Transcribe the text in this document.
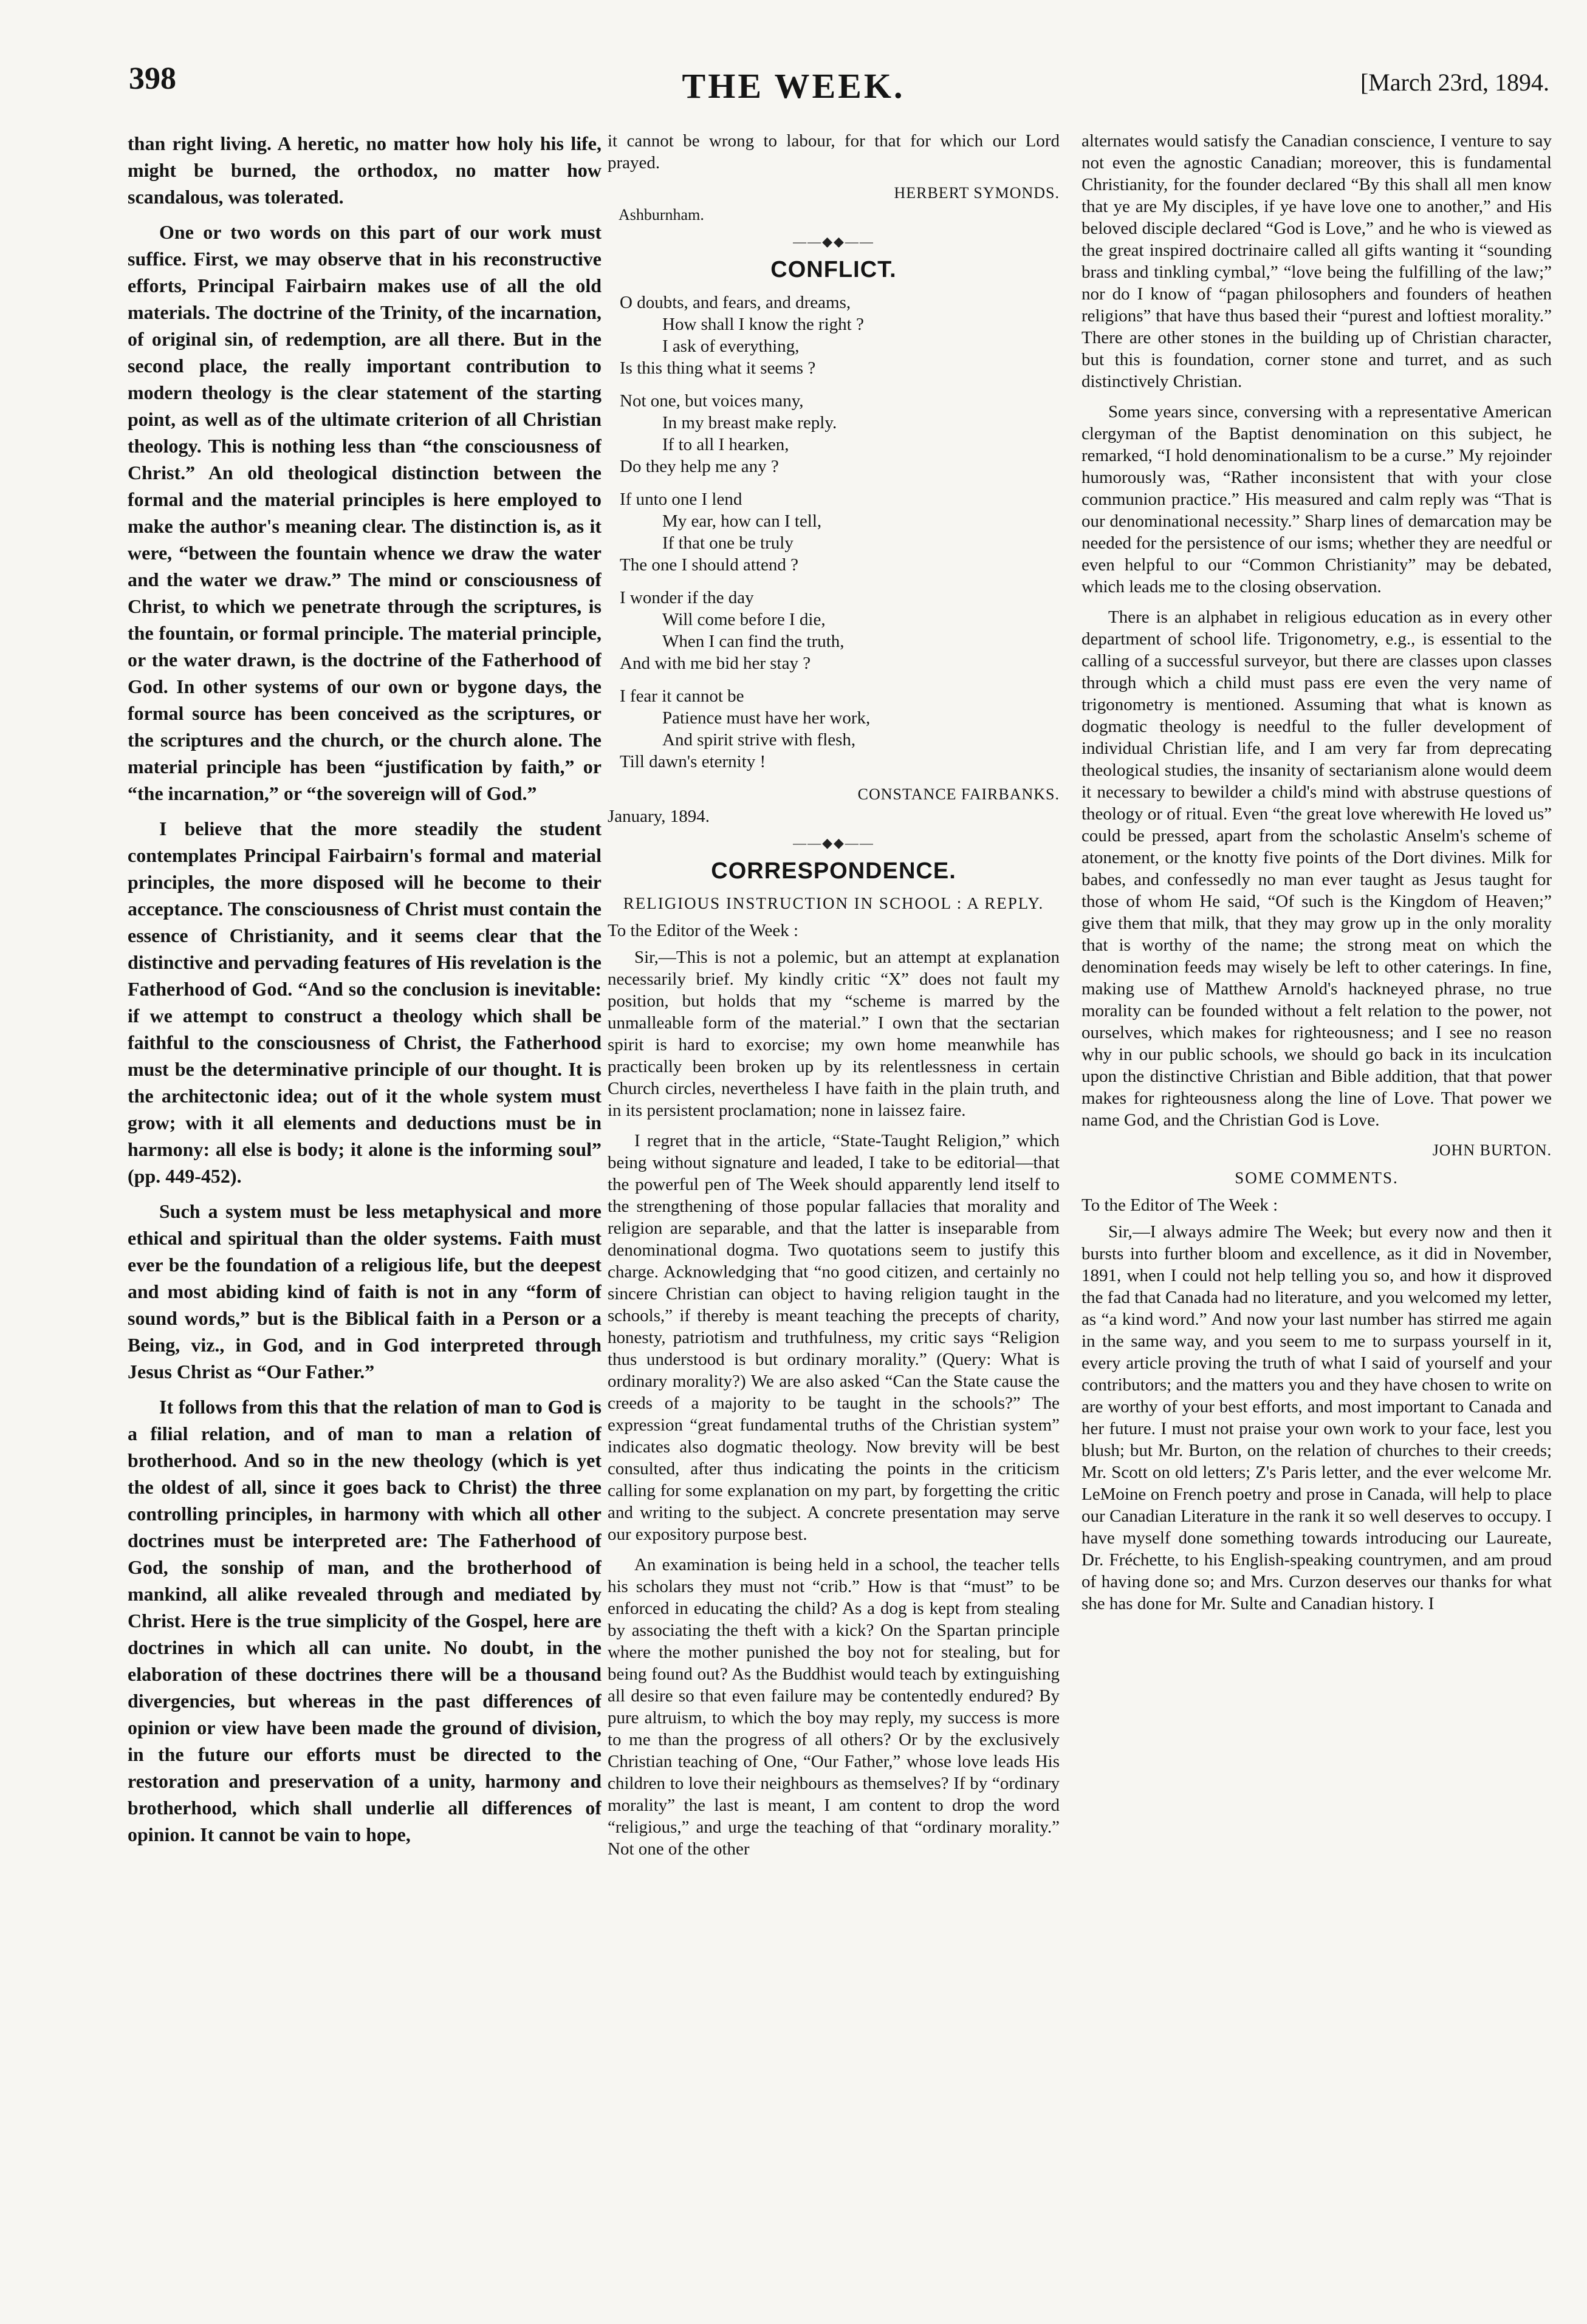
398	THE WEEK.	[March 23rd, 1894.

than right living. A heretic, no matter how holy his life, might be burned, the orthodox, no matter how scandalous, was tolerated.

One or two words on this part of our work must suffice. First, we may observe that in his reconstructive efforts, Principal Fairbairn makes use of all the old materials. The doctrine of the Trinity, of the incarnation, of original sin, of redemption, are all there. But in the second place, the really important contribution to modern theology is the clear statement of the starting point, as well as of the ultimate criterion of all Christian theology. This is nothing less than “the consciousness of Christ.” An old theological distinction between the formal and the material principles is here employed to make the author's meaning clear. The distinction is, as it were, “between the fountain whence we draw the water and the water we draw.” The mind or consciousness of Christ, to which we penetrate through the scriptures, is the fountain, or formal principle. The material principle, or the water drawn, is the doctrine of the Fatherhood of God. In other systems of our own or bygone days, the formal source has been conceived as the scriptures, or the scriptures and the church, or the church alone. The material principle has been “justification by faith,” or “the incarnation,” or “the sovereign will of God.”

I believe that the more steadily the student contemplates Principal Fairbairn's formal and material principles, the more disposed will he become to their acceptance. The consciousness of Christ must contain the essence of Christianity, and it seems clear that the distinctive and pervading features of His revelation is the Fatherhood of God. “And so the conclusion is inevitable: if we attempt to construct a theology which shall be faithful to the consciousness of Christ, the Fatherhood must be the determinative principle of our thought. It is the architectonic idea; out of it the whole system must grow; with it all elements and deductions must be in harmony: all else is body; it alone is the informing soul” (pp. 449-452).

Such a system must be less metaphysical and more ethical and spiritual than the older systems. Faith must ever be the foundation of a religious life, but the deepest and most abiding kind of faith is not in any “form of sound words,” but is the Biblical faith in a Person or a Being, viz., in God, and in God interpreted through Jesus Christ as “Our Father.”

It follows from this that the relation of man to God is a filial relation, and of man to man a relation of brotherhood. And so in the new theology (which is yet the oldest of all, since it goes back to Christ) the three controlling principles, in harmony with which all other doctrines must be interpreted are: The Fatherhood of God, the sonship of man, and the brotherhood of mankind, all alike revealed through and mediated by Christ. Here is the true simplicity of the Gospel, here are doctrines in which all can unite. No doubt, in the elaboration of these doctrines there will be a thousand divergencies, but whereas in the past differences of opinion or view have been made the ground of division, in the future our efforts must be directed to the restoration and preservation of a unity, harmony and brotherhood, which shall underlie all differences of opinion. It cannot be vain to hope,

it cannot be wrong to labour, for that for which our Lord prayed.

HERBERT SYMONDS.

Ashburnham.

——◆◆——
CONFLICT.
O doubts, and fears, and dreams,
How shall I know the right ?
I ask of everything,
Is this thing what it seems ?
Not one, but voices many,
In my breast make reply.
If to all I hearken,
Do they help me any ?
If unto one I lend
My ear, how can I tell,
If that one be truly
The one I should attend ?
I wonder if the day
Will come before I die,
When I can find the truth,
And with me bid her stay ?
I fear it cannot be
Patience must have her work,
And spirit strive with flesh,
Till dawn's eternity !

CONSTANCE FAIRBANKS.

January, 1894.

——◆◆——
CORRESPONDENCE.
RELIGIOUS INSTRUCTION IN SCHOOL : A REPLY.

To the Editor of the Week :

Sir,—This is not a polemic, but an attempt at explanation necessarily brief. My kindly critic “X” does not fault my position, but holds that my “scheme is marred by the unmalleable form of the material.” I own that the sectarian spirit is hard to exorcise; my own home meanwhile has practically been broken up by its relentlessness in certain Church circles, nevertheless I have faith in the plain truth, and in its persistent proclamation; none in laissez faire.

I regret that in the article, “State-Taught Religion,” which being without signature and leaded, I take to be editorial—that the powerful pen of The Week should apparently lend itself to the strengthening of those popular fallacies that morality and religion are separable, and that the latter is inseparable from denominational dogma. Two quotations seem to justify this charge. Acknowledging that “no good citizen, and certainly no sincere Christian can object to having religion taught in the schools,” if thereby is meant teaching the precepts of charity, honesty, patriotism and truthfulness, my critic says “Religion thus understood is but ordinary morality.” (Query: What is ordinary morality?) We are also asked “Can the State cause the creeds of a majority to be taught in the schools?” The expression “great fundamental truths of the Christian system” indicates also dogmatic theology. Now brevity will be best consulted, after thus indicating the points in the criticism calling for some explanation on my part, by forgetting the critic and writing to the subject. A concrete presentation may serve our expository purpose best.

An examination is being held in a school, the teacher tells his scholars they must not “crib.” How is that “must” to be enforced in educating the child? As a dog is kept from stealing by associating the theft with a kick? On the Spartan principle where the mother punished the boy not for stealing, but for being found out? As the Buddhist would teach by extinguishing all desire so that even failure may be contentedly endured? By pure altruism, to which the boy may reply, my success is more to me than the progress of all others? Or by the exclusively Christian teaching of One, “Our Father,” whose love leads His children to love their neighbours as themselves? If by “ordinary morality” the last is meant, I am content to drop the word “religious,” and urge the teaching of that “ordinary morality.” Not one of the other

alternates would satisfy the Canadian conscience, I venture to say not even the agnostic Canadian; moreover, this is fundamental Christianity, for the founder declared “By this shall all men know that ye are My disciples, if ye have love one to another,” and His beloved disciple declared “God is Love,” and he who is viewed as the great inspired doctrinaire called all gifts wanting it “sounding brass and tinkling cymbal,” “love being the fulfilling of the law;” nor do I know of “pagan philosophers and founders of heathen religions” that have thus based their “purest and loftiest morality.” There are other stones in the building up of Christian character, but this is foundation, corner stone and turret, and as such distinctively Christian.

Some years since, conversing with a representative American clergyman of the Baptist denomination on this subject, he remarked, “I hold denominationalism to be a curse.” My rejoinder humorously was, “Rather inconsistent that with your close communion practice.” His measured and calm reply was “That is our denominational necessity.” Sharp lines of demarcation may be needed for the persistence of our isms; whether they are needful or even helpful to our “Common Christianity” may be debated, which leads me to the closing observation.

There is an alphabet in religious education as in every other department of school life. Trigonometry, e.g., is essential to the calling of a successful surveyor, but there are classes upon classes through which a child must pass ere even the very name of trigonometry is mentioned. Assuming that what is known as dogmatic theology is needful to the fuller development of individual Christian life, and I am very far from deprecating theological studies, the insanity of sectarianism alone would deem it necessary to bewilder a child's mind with abstruse questions of theology or of ritual. Even “the great love wherewith He loved us” could be pressed, apart from the scholastic Anselm's scheme of atonement, or the knotty five points of the Dort divines. Milk for babes, and confessedly no man ever taught as Jesus taught for those of whom He said, “Of such is the Kingdom of Heaven;” give them that milk, that they may grow up in the only morality that is worthy of the name; the strong meat on which the denomination feeds may wisely be left to other caterings. In fine, making use of Matthew Arnold's hackneyed phrase, no true morality can be founded without a felt relation to the power, not ourselves, which makes for righteousness; and I see no reason why in our public schools, we should go back in its inculcation upon the distinctive Christian and Bible addition, that that power makes for righteousness along the line of Love. That power we name God, and the Christian God is Love.

JOHN BURTON.

SOME COMMENTS.

To the Editor of The Week :

Sir,—I always admire The Week; but every now and then it bursts into further bloom and excellence, as it did in November, 1891, when I could not help telling you so, and how it disproved the fad that Canada had no literature, and you welcomed my letter, as “a kind word.” And now your last number has stirred me again in the same way, and you seem to me to surpass yourself in it, every article proving the truth of what I said of yourself and your contributors; and the matters you and they have chosen to write on are worthy of your best efforts, and most important to Canada and her future. I must not praise your own work to your face, lest you blush; but Mr. Burton, on the relation of churches to their creeds; Mr. Scott on old letters; Z's Paris letter, and the ever welcome Mr. LeMoine on French poetry and prose in Canada, will help to place our Canadian Literature in the rank it so well deserves to occupy. I have myself done something towards introducing our Laureate, Dr. Fréchette, to his English-speaking countrymen, and am proud of having done so; and Mrs. Curzon deserves our thanks for what she has done for Mr. Sulte and Canadian history. I
